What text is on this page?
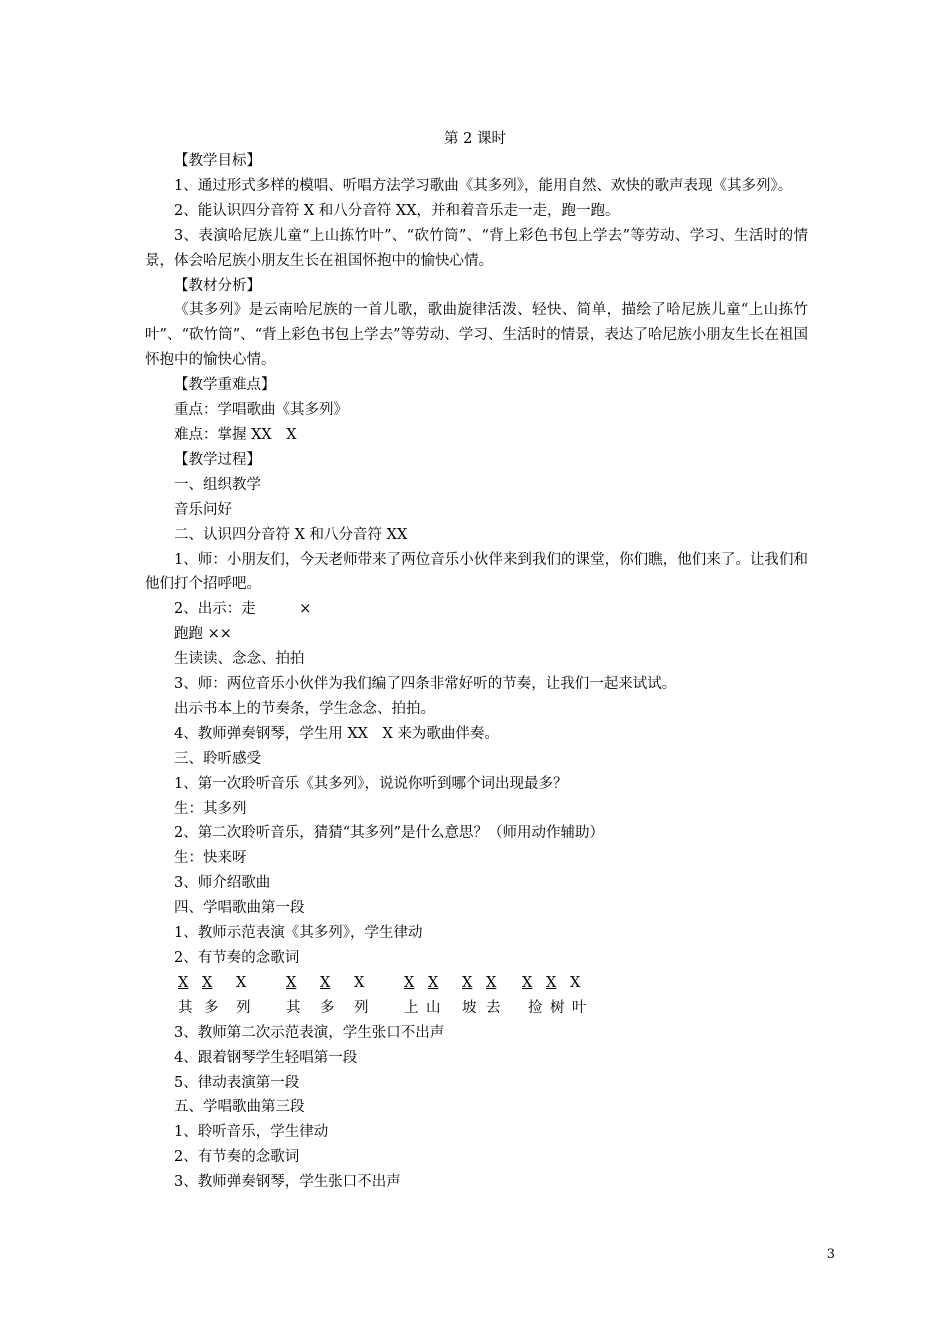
第 2 课时

【教学目标】

1、通过形式多样的模唱、听唱方法学习歌曲《其多列》，能用自然、欢快的歌声表现《其多列》。

2、能认识四分音符 X 和八分音符 XX，并和着音乐走一走，跑一跑。

3、表演哈尼族儿童“上山拣竹叶”、“砍竹筒”、“背上彩色书包上学去”等劳动、学习、生活时的情景，体会哈尼族小朋友生长在祖国怀抱中的愉快心情。

【教材分析】

《其多列》是云南哈尼族的一首儿歌，歌曲旋律活泼、轻快、简单，描绘了哈尼族儿童“上山拣竹叶”、“砍竹筒”、“背上彩色书包上学去”等劳动、学习、生活时的情景，表达了哈尼族小朋友生长在祖国怀抱中的愉快心情。

【教学重难点】

重点：学唱歌曲《其多列》

难点：掌握 XX　X

【教学过程】

一、组织教学

音乐问好

二、认识四分音符 X 和八分音符 XX

1、师：小朋友们，今天老师带来了两位音乐小伙伴来到我们的课堂，你们瞧，他们来了。让我们和他们打个招呼吧。

2、出示：走　　　×

跑跑 ××

生读读、念念、拍拍

3、师：两位音乐小伙伴为我们编了四条非常好听的节奏，让我们一起来试试。

出示书本上的节奏条，学生念念、拍拍。

4、教师弹奏钢琴，学生用 XX　X 来为歌曲伴奏。

三、聆听感受

1、第一次聆听音乐《其多列》，说说你听到哪个词出现最多？

生：其多列

2、第二次聆听音乐，猜猜“其多列”是什么意思？（师用动作辅助）

生：快来呀

3、师介绍歌曲

四、学唱歌曲第一段

1、教师示范表演《其多列》，学生律动

2、有节奏的念歌词

X X X	X X X	X X X X X X X
其 多 列 其 多 列 上 山 坡 去 捡 树 叶

3、教师第二次示范表演，学生张口不出声

4、跟着钢琴学生轻唱第一段

5、律动表演第一段

五、学唱歌曲第三段

1、聆听音乐，学生律动

2、有节奏的念歌词

3、教师弹奏钢琴，学生张口不出声

3
